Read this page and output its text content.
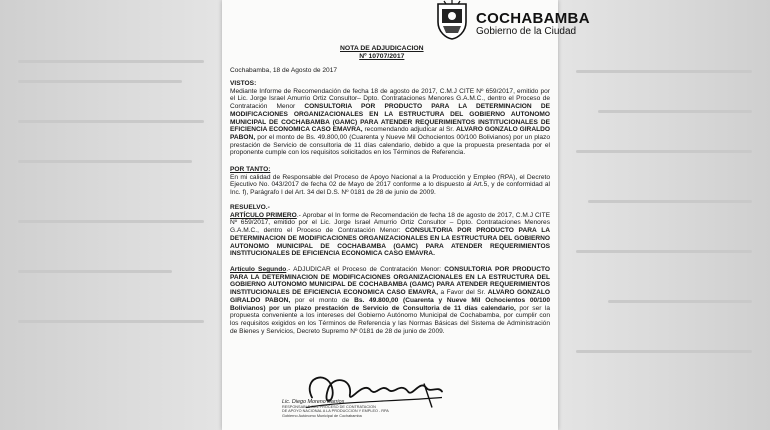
NOTA DE ADJUDICACION
Nº 10707/2017
Cochabamba, 18 de Agosto de 2017
VISTOS:
Mediante Informe de Recomendación de fecha 18 de agosto de 2017, C.M.J CITE Nº 659/2017, emitido por el Lic. Jorge Israel Amurrio Ortiz Consultor– Dpto. Contrataciones Menores G.A.M.C., dentro el Proceso de Contratación Menor CONSULTORIA POR PRODUCTO PARA LA DETERMINACION DE MODIFICACIONES ORGANIZACIONALES EN LA ESTRUCTURA DEL GOBIERNO AUTONOMO MUNICIPAL DE COCHABAMBA (GAMC) PARA ATENDER REQUERIMIENTOS INSTITUCIONALES DE EFICIENCIA ECONOMICA CASO EMAVRA, recomendando adjudicar al Sr. ALVARO GONZALO GIRALDO PABON, por el monto de Bs. 49.800,00 (Cuarenta y Nueve Mil Ochocientos 00/100 Bolivianos) por un plazo prestación de Servicio de consultoria de 11 días calendario, debido a que la propuesta presentada por el proponente cumple con los requisitos solicitados en los Términos de Referencia.
POR TANTO:
En mi calidad de Responsable del Proceso de Apoyo Nacional a la Producción y Empleo (RPA), el Decreto Ejecutivo No. 043/2017 de fecha 02 de Mayo de 2017 conforme a lo dispuesto al Art.5, y de conformidad al Inc. f), Parágrafo I del Art. 34 del D.S. Nº 0181 de 28 de junio de 2009.
RESUELVO.-
ARTÍCULO PRIMERO.- Aprobar el In forme de Recomendación de fecha 18 de agosto de 2017, C.M.J CITE Nº 659/2017, emitido por el Lic. Jorge Israel Amurrio Ortiz Consultor – Dpto. Contrataciones Menores G.A.M.C., dentro el Proceso de Contratación Menor: CONSULTORIA POR PRODUCTO PARA LA DETERMINACION DE MODIFICACIONES ORGANIZACIONALES EN LA ESTRUCTURA DEL GOBIERNO AUTONOMO MUNICIPAL DE COCHABAMBA (GAMC) PARA ATENDER REQUERIMIENTOS INSTITUCIONALES DE EFICIENCIA ECONOMICA CASO EMAVRA.
Artículo Segundo.- ADJUDICAR el Proceso de Contratación Menor: CONSULTORIA POR PRODUCTO PARA LA DETERMINACION DE MODIFICACIONES ORGANIZACIONALES EN LA ESTRUCTURA DEL GOBIERNO AUTONOMO MUNICIPAL DE COCHABAMBA (GAMC) PARA ATENDER REQUERIMIENTOS INSTITUCIONALES DE EFICIENCIA ECONOMICA CASO EMAVRA, a Favor del Sr. ALVARO GONZALO GIRALDO PABON, por el monto de Bs. 49.800,00 (Cuarenta y Nueve Mil Ochocientos 00/100 Bolivianos) por un plazo prestación de Servicio de Consultoria de 11 días calendario, por ser la propuesta conveniente a los intereses del Gobierno Autónomo Municipal de Cochabamba, por cumplir con los requisitos exigidos en los Términos de Referencia y las Normas Básicas del Sistema de Administración de Bienes y Servicios, Decreto Supremo Nº 0181 de 28 de junio de 2009.
Lic. Diego Moreno Barrios
RESPONSABLE DEL PROCESO DE CONTRATACION
DE APOYO NACIONAL A LA PRODUCCION Y EMPLEO - RPA
Gobierno Autónomo Municipal de Cochabamba
COCHABAMBA
Gobierno de la Ciudad
